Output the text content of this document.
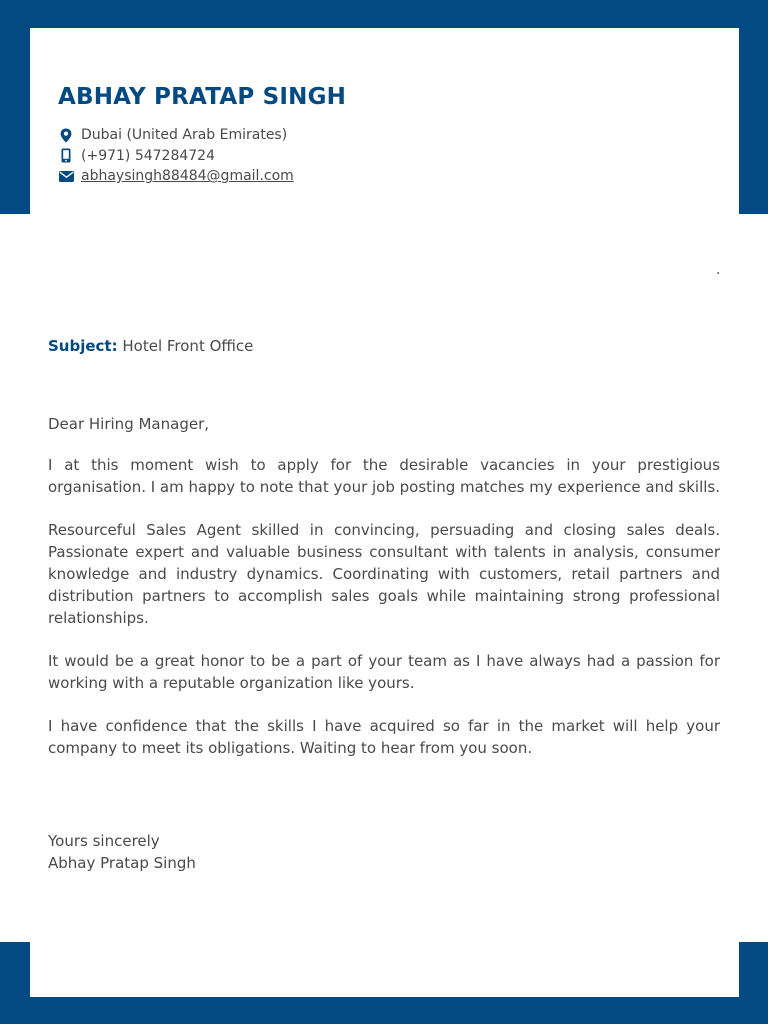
ABHAY PRATAP SINGH
Dubai (United Arab Emirates)
(+971) 547284724
abhaysingh88484@gmail.com
.
Subject: Hotel Front Office

Dear Hiring Manager,

I at this moment wish to apply for the desirable vacancies in your prestigious organisation. I am happy to note that your job posting matches my experience and skills.

Resourceful Sales Agent skilled in convincing, persuading and closing sales deals. Passionate expert and valuable business consultant with talents in analysis, consumer knowledge and industry dynamics. Coordinating with customers, retail partners and distribution partners to accomplish sales goals while maintaining strong professional relationships.

It would be a great honor to be a part of your team as I have always had a passion for working with a reputable organization like yours.

I have confidence that the skills I have acquired so far in the market will help your company to meet its obligations. Waiting to hear from you soon.

Yours sincerely
Abhay Pratap Singh
